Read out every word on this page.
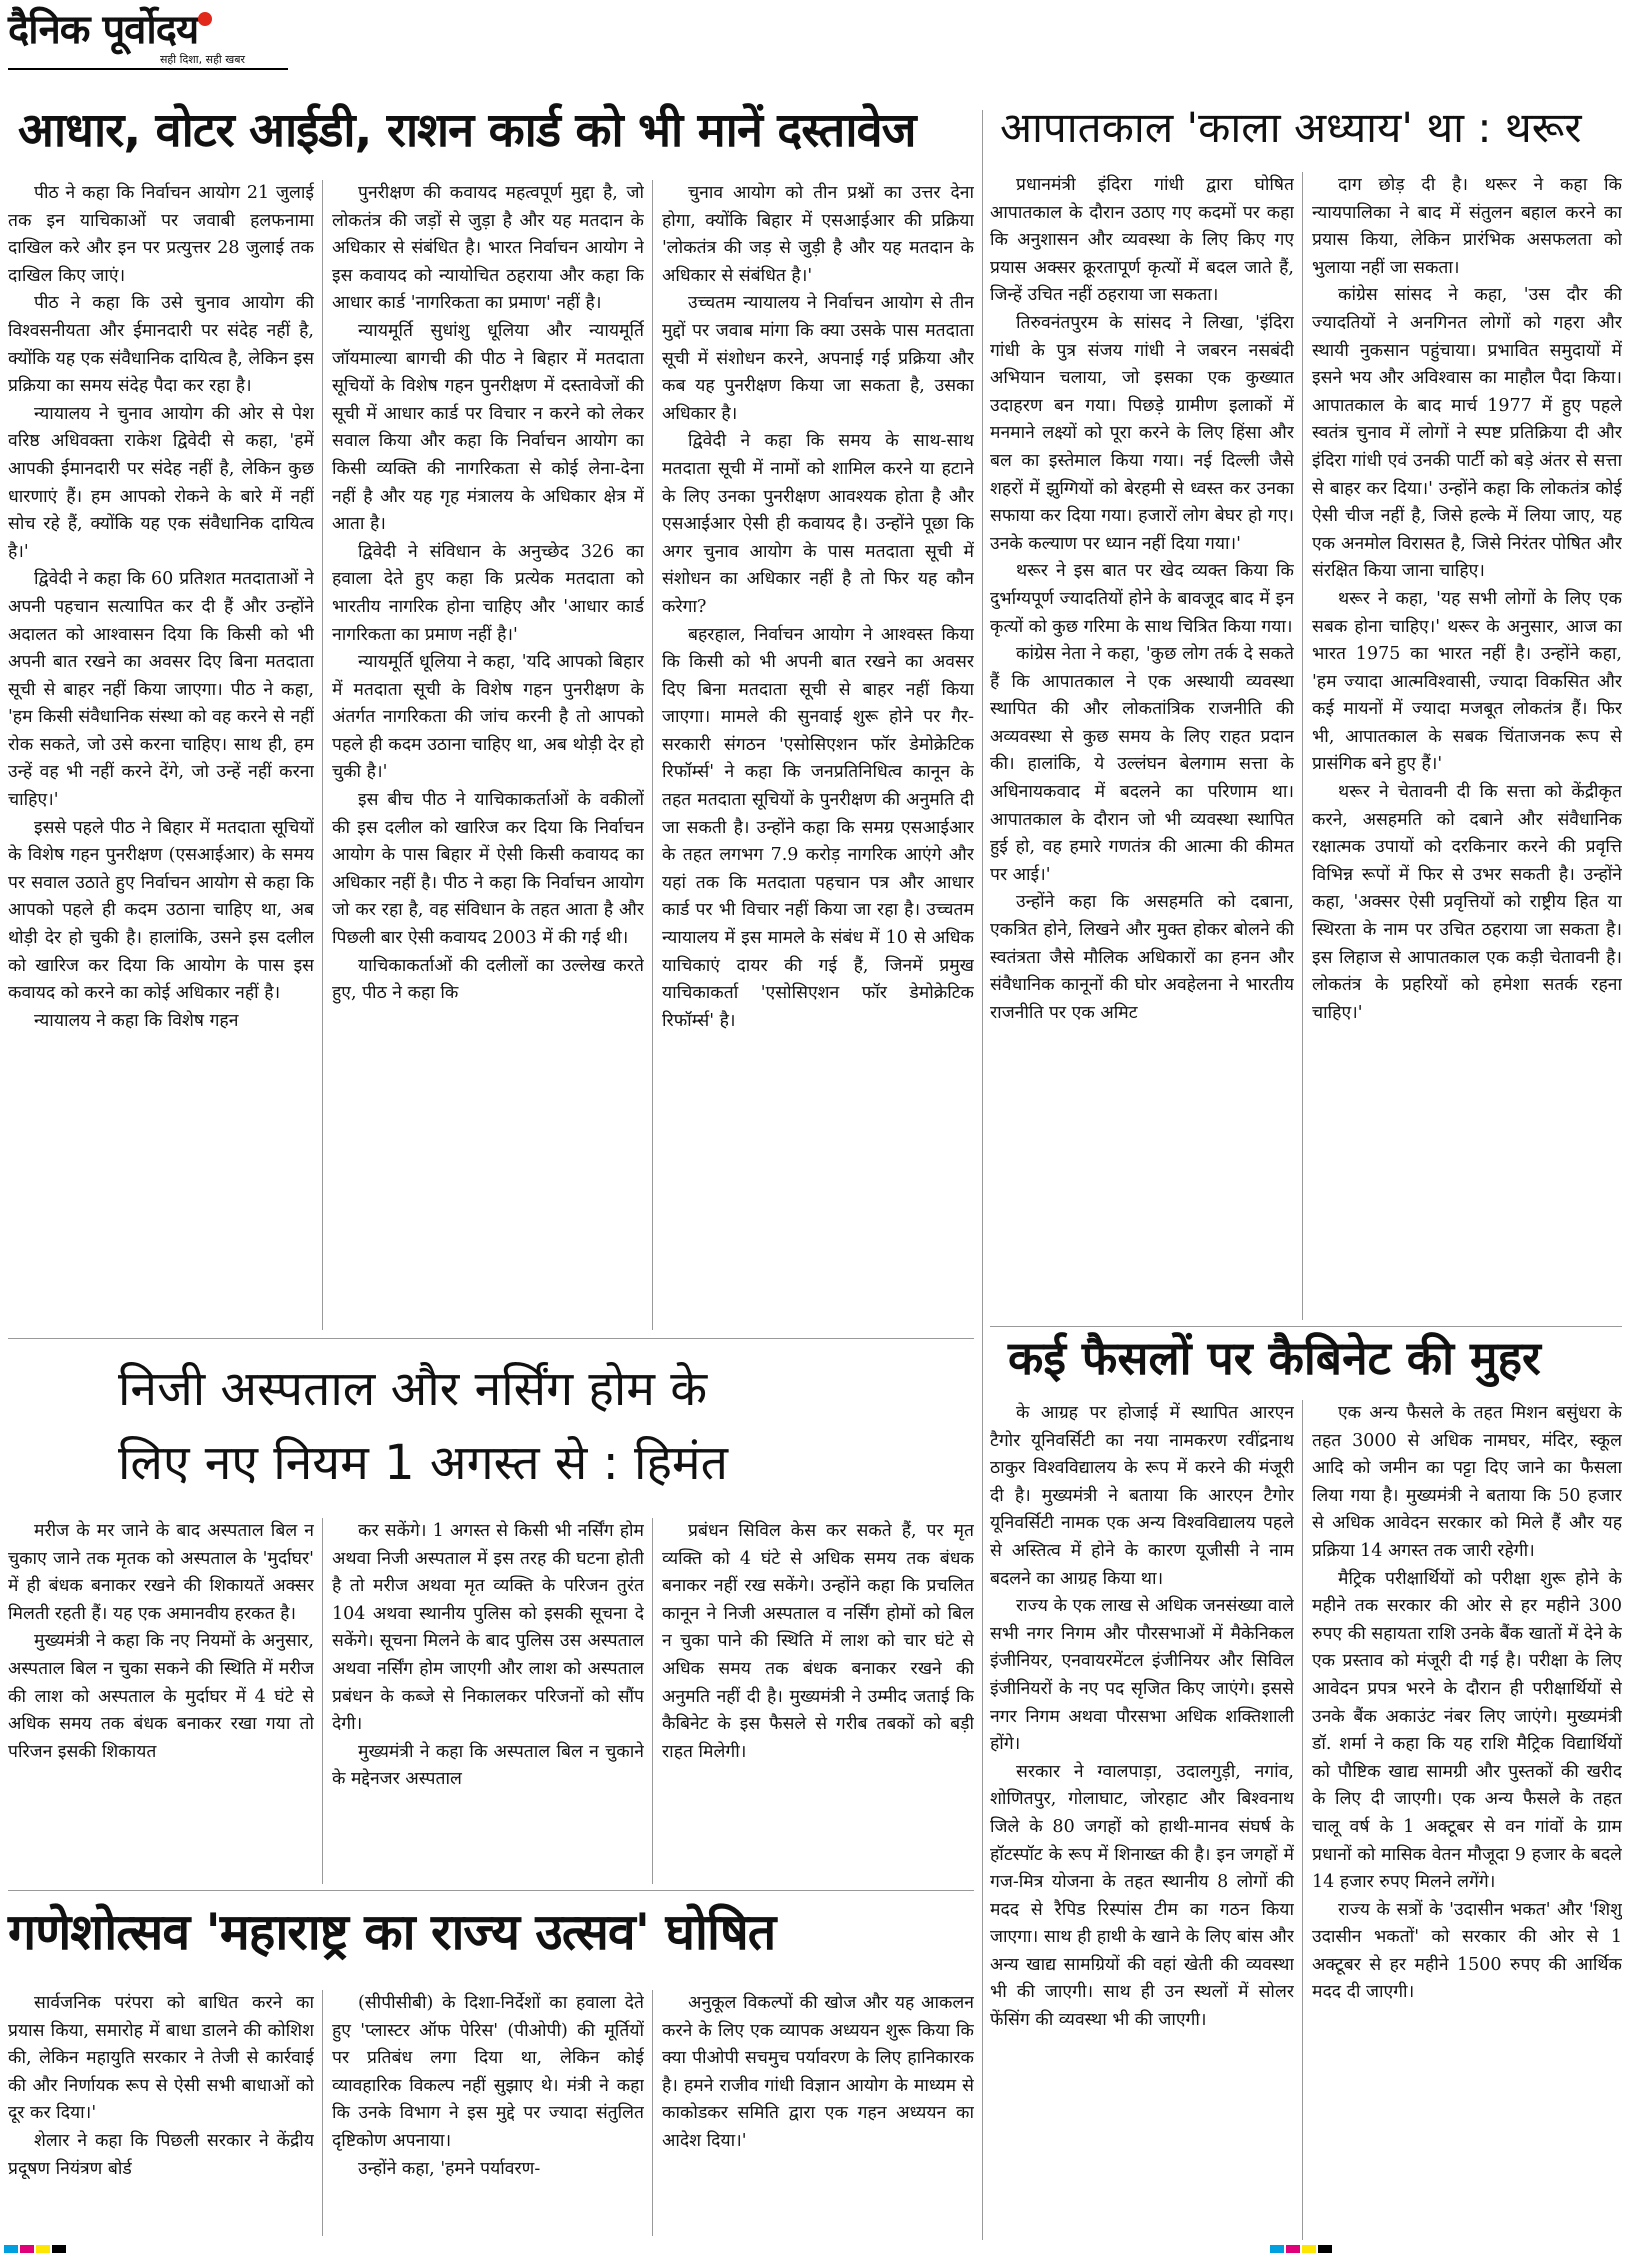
दैनिक पूर्वोदय
सही दिशा, सही खबर
आधार, वोटर आईडी, राशन कार्ड को भी मानें दस्तावेज

पीठ ने कहा कि निर्वाचन आयोग 21 जुलाई तक इन याचिकाओं पर जवाबी हलफनामा दाखिल करे और इन पर प्रत्युत्तर 28 जुलाई तक दाखिल किए जाएं।

पीठ ने कहा कि उसे चुनाव आयोग की विश्वसनीयता और ईमानदारी पर संदेह नहीं है, क्योंकि यह एक संवैधानिक दायित्व है, लेकिन इस प्रक्रिया का समय संदेह पैदा कर रहा है।

न्यायालय ने चुनाव आयोग की ओर से पेश वरिष्ठ अधिवक्ता राकेश द्विवेदी से कहा, 'हमें आपकी ईमानदारी पर संदेह नहीं है, लेकिन कुछ धारणाएं हैं। हम आपको रोकने के बारे में नहीं सोच रहे हैं, क्योंकि यह एक संवैधानिक दायित्व है।'

द्विवेदी ने कहा कि 60 प्रतिशत मतदाताओं ने अपनी पहचान सत्यापित कर दी हैं और उन्होंने अदालत को आश्वासन दिया कि किसी को भी अपनी बात रखने का अवसर दिए बिना मतदाता सूची से बाहर नहीं किया जाएगा। पीठ ने कहा, 'हम किसी संवैधानिक संस्था को वह करने से नहीं रोक सकते, जो उसे करना चाहिए। साथ ही, हम उन्हें वह भी नहीं करने देंगे, जो उन्हें नहीं करना चाहिए।'

इससे पहले पीठ ने बिहार में मतदाता सूचियों के विशेष गहन पुनरीक्षण (एसआईआर) के समय पर सवाल उठाते हुए निर्वाचन आयोग से कहा कि आपको पहले ही कदम उठाना चाहिए था, अब थोड़ी देर हो चुकी है। हालांकि, उसने इस दलील को खारिज कर दिया कि आयोग के पास इस कवायद को करने का कोई अधिकार नहीं है।

न्यायालय ने कहा कि विशेष गहन

पुनरीक्षण की कवायद महत्वपूर्ण मुद्दा है, जो लोकतंत्र की जड़ों से जुड़ा है और यह मतदान के अधिकार से संबंधित है। भारत निर्वाचन आयोग ने इस कवायद को न्यायोचित ठहराया और कहा कि आधार कार्ड 'नागरिकता का प्रमाण' नहीं है।

न्यायमूर्ति सुधांशु धूलिया और न्यायमूर्ति जॉयमाल्या बागची की पीठ ने बिहार में मतदाता सूचियों के विशेष गहन पुनरीक्षण में दस्तावेजों की सूची में आधार कार्ड पर विचार न करने को लेकर सवाल किया और कहा कि निर्वाचन आयोग का किसी व्यक्ति की नागरिकता से कोई लेना-देना नहीं है और यह गृह मंत्रालय के अधिकार क्षेत्र में आता है।

द्विवेदी ने संविधान के अनुच्छेद 326 का हवाला देते हुए कहा कि प्रत्येक मतदाता को भारतीय नागरिक होना चाहिए और 'आधार कार्ड नागरिकता का प्रमाण नहीं है।'

न्यायमूर्ति धूलिया ने कहा, 'यदि आपको बिहार में मतदाता सूची के विशेष गहन पुनरीक्षण के अंतर्गत नागरिकता की जांच करनी है तो आपको पहले ही कदम उठाना चाहिए था, अब थोड़ी देर हो चुकी है।'

इस बीच पीठ ने याचिकाकर्ताओं के वकीलों की इस दलील को खारिज कर दिया कि निर्वाचन आयोग के पास बिहार में ऐसी किसी कवायद का अधिकार नहीं है। पीठ ने कहा कि निर्वाचन आयोग जो कर रहा है, वह संविधान के तहत आता है और पिछली बार ऐसी कवायद 2003 में की गई थी।

याचिकाकर्ताओं की दलीलों का उल्लेख करते हुए, पीठ ने कहा कि

चुनाव आयोग को तीन प्रश्नों का उत्तर देना होगा, क्योंकि बिहार में एसआईआर की प्रक्रिया 'लोकतंत्र की जड़ से जुड़ी है और यह मतदान के अधिकार से संबंधित है।'

उच्चतम न्यायालय ने निर्वाचन आयोग से तीन मुद्दों पर जवाब मांगा कि क्या उसके पास मतदाता सूची में संशोधन करने, अपनाई गई प्रक्रिया और कब यह पुनरीक्षण किया जा सकता है, उसका अधिकार है।

द्विवेदी ने कहा कि समय के साथ-साथ मतदाता सूची में नामों को शामिल करने या हटाने के लिए उनका पुनरीक्षण आवश्यक होता है और एसआईआर ऐसी ही कवायद है। उन्होंने पूछा कि अगर चुनाव आयोग के पास मतदाता सूची में संशोधन का अधिकार नहीं है तो फिर यह कौन करेगा?

बहरहाल, निर्वाचन आयोग ने आश्वस्त किया कि किसी को भी अपनी बात रखने का अवसर दिए बिना मतदाता सूची से बाहर नहीं किया जाएगा। मामले की सुनवाई शुरू होने पर गैर-सरकारी संगठन 'एसोसिएशन फॉर डेमोक्रेटिक रिफॉर्म्स' ने कहा कि जनप्रतिनिधित्व कानून के तहत मतदाता सूचियों के पुनरीक्षण की अनुमति दी जा सकती है। उन्होंने कहा कि समग्र एसआईआर के तहत लगभग 7.9 करोड़ नागरिक आएंगे और यहां तक कि मतदाता पहचान पत्र और आधार कार्ड पर भी विचार नहीं किया जा रहा है। उच्चतम न्यायालय में इस मामले के संबंध में 10 से अधिक याचिकाएं दायर की गई हैं, जिनमें प्रमुख याचिकाकर्ता 'एसोसिएशन फॉर डेमोक्रेटिक रिफॉर्म्स' है।

आपातकाल 'काला अध्याय' था : थरूर

प्रधानमंत्री इंदिरा गांधी द्वारा घोषित आपातकाल के दौरान उठाए गए कदमों पर कहा कि अनुशासन और व्यवस्था के लिए किए गए प्रयास अक्सर क्रूरतापूर्ण कृत्यों में बदल जाते हैं, जिन्हें उचित नहीं ठहराया जा सकता।

तिरुवनंतपुरम के सांसद ने लिखा, 'इंदिरा गांधी के पुत्र संजय गांधी ने जबरन नसबंदी अभियान चलाया, जो इसका एक कुख्यात उदाहरण बन गया। पिछड़े ग्रामीण इलाकों में मनमाने लक्ष्यों को पूरा करने के लिए हिंसा और बल का इस्तेमाल किया गया। नई दिल्ली जैसे शहरों में झुग्गियों को बेरहमी से ध्वस्त कर उनका सफाया कर दिया गया। हजारों लोग बेघर हो गए। उनके कल्याण पर ध्यान नहीं दिया गया।'

थरूर ने इस बात पर खेद व्यक्त किया कि दुर्भाग्यपूर्ण ज्यादतियों होने के बावजूद बाद में इन कृत्यों को कुछ गरिमा के साथ चित्रित किया गया।

कांग्रेस नेता ने कहा, 'कुछ लोग तर्क दे सकते हैं कि आपातकाल ने एक अस्थायी व्यवस्था स्थापित की और लोकतांत्रिक राजनीति की अव्यवस्था से कुछ समय के लिए राहत प्रदान की। हालांकि, ये उल्लंघन बेलगाम सत्ता के अधिनायकवाद में बदलने का परिणाम था। आपातकाल के दौरान जो भी व्यवस्था स्थापित हुई हो, वह हमारे गणतंत्र की आत्मा की कीमत पर आई।'

उन्होंने कहा कि असहमति को दबाना, एकत्रित होने, लिखने और मुक्त होकर बोलने की स्वतंत्रता जैसे मौलिक अधिकारों का हनन और संवैधानिक कानूनों की घोर अवहेलना ने भारतीय राजनीति पर एक अमिट

दाग छोड़ दी है। थरूर ने कहा कि न्यायपालिका ने बाद में संतुलन बहाल करने का प्रयास किया, लेकिन प्रारंभिक असफलता को भुलाया नहीं जा सकता।

कांग्रेस सांसद ने कहा, 'उस दौर की ज्यादतियों ने अनगिनत लोगों को गहरा और स्थायी नुकसान पहुंचाया। प्रभावित समुदायों में इसने भय और अविश्वास का माहौल पैदा किया। आपातकाल के बाद मार्च 1977 में हुए पहले स्वतंत्र चुनाव में लोगों ने स्पष्ट प्रतिक्रिया दी और इंदिरा गांधी एवं उनकी पार्टी को बड़े अंतर से सत्ता से बाहर कर दिया।' उन्होंने कहा कि लोकतंत्र कोई ऐसी चीज नहीं है, जिसे हल्के में लिया जाए, यह एक अनमोल विरासत है, जिसे निरंतर पोषित और संरक्षित किया जाना चाहिए।

थरूर ने कहा, 'यह सभी लोगों के लिए एक सबक होना चाहिए।' थरूर के अनुसार, आज का भारत 1975 का भारत नहीं है। उन्होंने कहा, 'हम ज्यादा आत्मविश्वासी, ज्यादा विकसित और कई मायनों में ज्यादा मजबूत लोकतंत्र हैं। फिर भी, आपातकाल के सबक चिंताजनक रूप से प्रासंगिक बने हुए हैं।'

थरूर ने चेतावनी दी कि सत्ता को केंद्रीकृत करने, असहमति को दबाने और संवैधानिक रक्षात्मक उपायों को दरकिनार करने की प्रवृत्ति विभिन्न रूपों में फिर से उभर सकती है। उन्होंने कहा, 'अक्सर ऐसी प्रवृत्तियों को राष्ट्रीय हित या स्थिरता के नाम पर उचित ठहराया जा सकता है। इस लिहाज से आपातकाल एक कड़ी चेतावनी है। लोकतंत्र के प्रहरियों को हमेशा सतर्क रहना चाहिए।'

निजी अस्पताल और नर्सिंग होम के
लिए नए नियम 1 अगस्त से : हिमंत

मरीज के मर जाने के बाद अस्पताल बिल न चुकाए जाने तक मृतक को अस्पताल के 'मुर्दाघर' में ही बंधक बनाकर रखने की शिकायतें अक्सर मिलती रहती हैं। यह एक अमानवीय हरकत है।

मुख्यमंत्री ने कहा कि नए नियमों के अनुसार, अस्पताल बिल न चुका सकने की स्थिति में मरीज की लाश को अस्पताल के मुर्दाघर में 4 घंटे से अधिक समय तक बंधक बनाकर रखा गया तो परिजन इसकी शिकायत

कर सकेंगे। 1 अगस्त से किसी भी नर्सिंग होम अथवा निजी अस्पताल में इस तरह की घटना होती है तो मरीज अथवा मृत व्यक्ति के परिजन तुरंत 104 अथवा स्थानीय पुलिस को इसकी सूचना दे सकेंगे। सूचना मिलने के बाद पुलिस उस अस्पताल अथवा नर्सिंग होम जाएगी और लाश को अस्पताल प्रबंधन के कब्जे से निकालकर परिजनों को सौंप देगी।

मुख्यमंत्री ने कहा कि अस्पताल बिल न चुकाने के मद्देनजर अस्पताल

प्रबंधन सिविल केस कर सकते हैं, पर मृत व्यक्ति को 4 घंटे से अधिक समय तक बंधक बनाकर नहीं रख सकेंगे। उन्होंने कहा कि प्रचलित कानून ने निजी अस्पताल व नर्सिंग होमों को बिल न चुका पाने की स्थिति में लाश को चार घंटे से अधिक समय तक बंधक बनाकर रखने की अनुमति नहीं दी है। मुख्यमंत्री ने उम्मीद जताई कि कैबिनेट के इस फैसले से गरीब तबकों को बड़ी राहत मिलेगी।

कई फैसलों पर कैबिनेट की मुहर

के आग्रह पर होजाई में स्थापित आरएन टैगोर यूनिवर्सिटी का नया नामकरण रवींद्रनाथ ठाकुर विश्वविद्यालय के रूप में करने की मंजूरी दी है। मुख्यमंत्री ने बताया कि आरएन टैगोर यूनिवर्सिटी नामक एक अन्य विश्वविद्यालय पहले से अस्तित्व में होने के कारण यूजीसी ने नाम बदलने का आग्रह किया था।

राज्य के एक लाख से अधिक जनसंख्या वाले सभी नगर निगम और पौरसभाओं में मैकेनिकल इंजीनियर, एनवायरमेंटल इंजीनियर और सिविल इंजीनियरों के नए पद सृजित किए जाएंगे। इससे नगर निगम अथवा पौरसभा अधिक शक्तिशाली होंगे।

सरकार ने ग्वालपाड़ा, उदालगुड़ी, नगांव, शोणितपुर, गोलाघाट, जोरहाट और बिश्वनाथ जिले के 80 जगहों को हाथी-मानव संघर्ष के हॉटस्पॉट के रूप में शिनाख्त की है। इन जगहों में गज-मित्र योजना के तहत स्थानीय 8 लोगों की मदद से रैपिड रिस्पांस टीम का गठन किया जाएगा। साथ ही हाथी के खाने के लिए बांस और अन्य खाद्य सामग्रियों की वहां खेती की व्यवस्था भी की जाएगी। साथ ही उन स्थलों में सोलर फेंसिंग की व्यवस्था भी की जाएगी।

एक अन्य फैसले के तहत मिशन बसुंधरा के तहत 3000 से अधिक नामघर, मंदिर, स्कूल आदि को जमीन का पट्टा दिए जाने का फैसला लिया गया है। मुख्यमंत्री ने बताया कि 50 हजार से अधिक आवेदन सरकार को मिले हैं और यह प्रक्रिया 14 अगस्त तक जारी रहेगी।

मैट्रिक परीक्षार्थियों को परीक्षा शुरू होने के महीने तक सरकार की ओर से हर महीने 300 रुपए की सहायता राशि उनके बैंक खातों में देने के एक प्रस्ताव को मंजूरी दी गई है। परीक्षा के लिए आवेदन प्रपत्र भरने के दौरान ही परीक्षार्थियों से उनके बैंक अकाउंट नंबर लिए जाएंगे। मुख्यमंत्री डॉ. शर्मा ने कहा कि यह राशि मैट्रिक विद्यार्थियों को पौष्टिक खाद्य सामग्री और पुस्तकों की खरीद के लिए दी जाएगी। एक अन्य फैसले के तहत चालू वर्ष के 1 अक्टूबर से वन गांवों के ग्राम प्रधानों को मासिक वेतन मौजूदा 9 हजार के बदले 14 हजार रुपए मिलने लगेंगे।

राज्य के सत्रों के 'उदासीन भकत' और 'शिशु उदासीन भकतों' को सरकार की ओर से 1 अक्टूबर से हर महीने 1500 रुपए की आर्थिक मदद दी जाएगी।

गणेशोत्सव 'महाराष्ट्र का राज्य उत्सव' घोषित

सार्वजनिक परंपरा को बाधित करने का प्रयास किया, समारोह में बाधा डालने की कोशिश की, लेकिन महायुति सरकार ने तेजी से कार्रवाई की और निर्णायक रूप से ऐसी सभी बाधाओं को दूर कर दिया।'

शेलार ने कहा कि पिछली सरकार ने केंद्रीय प्रदूषण नियंत्रण बोर्ड

(सीपीसीबी) के दिशा-निर्देशों का हवाला देते हुए 'प्लास्टर ऑफ पेरिस' (पीओपी) की मूर्तियों पर प्रतिबंध लगा दिया था, लेकिन कोई व्यावहारिक विकल्प नहीं सुझाए थे। मंत्री ने कहा कि उनके विभाग ने इस मुद्दे पर ज्यादा संतुलित दृष्टिकोण अपनाया।

उन्होंने कहा, 'हमने पर्यावरण-

अनुकूल विकल्पों की खोज और यह आकलन करने के लिए एक व्यापक अध्ययन शुरू किया कि क्या पीओपी सचमुच पर्यावरण के लिए हानिकारक है। हमने राजीव गांधी विज्ञान आयोग के माध्यम से काकोडकर समिति द्वारा एक गहन अध्ययन का आदेश दिया।'
